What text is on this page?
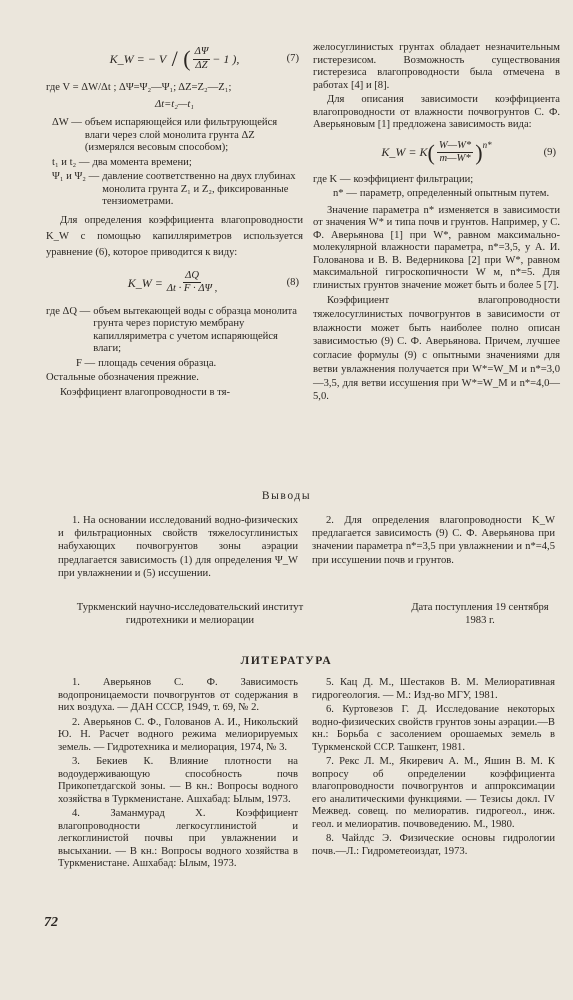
K_W = − V / ( $\frac{\Delta\Psi}{\Delta Z} - 1$ ),	(7)

где V = ΔW/Δt ; ΔΨ=Ψ₂—Ψ₁; ΔZ=Z₂—Z₁;

Δt=t₂—t₁

ΔW — объем испаряющейся или фильтрующейся влаги через слой монолита грунта ΔZ (измерялся весовым способом);
t₁ и t₂ — два момента времени;
Ψ₁ и Ψ₂ — давление соответственно на двух глубинах монолита грунта Z₁ и Z₂, фиксированные тензиометрами.

Для определения коэффициента влагопроводности K_W с помощью капилляриметров используется уравнение (6), которое приводится к виду:

K_W = $\frac{\Delta Q}{\Delta t \cdot F \cdot \Delta\Psi ,}$	(8)
где ΔQ — объем вытекающей воды с образца монолита грунта через пористую мембрану капилляриметра с учетом испаряющейся влаги;
F — площадь сечения образца.

Остальные обозначения прежние.

Коэффициент влагопроводности в тя-

желосуглинистых грунтах обладает незначительным гистерезисом. Возможность существования гистерезиса влагопроводности была отмечена в работах [4] и [8].

Для описания зависимости коэффициента влагопроводности от влажности почвогрунтов С. Ф. Аверьяновым [1] предложена зависимость вида:

K_W = K ( $\frac{W—W*}{m—W*} )^{n*}$
(9)
где K — коэффициент фильтрации;
n* — параметр, определенный опытным путем.

Значение параметра n* изменяется в зависимости от значения W* и типа почв и грунтов. Например, у С. Ф. Аверьянова [1] при W*, равном максимально-молекулярной влажности параметра, n*=3,5, у А. И. Голованова и В. В. Ведерникова [2] при W*, равном максимальной гигроскопичности W м, n*=5. Для глинистых грунтов значение может быть и более 5 [7].

Коэффициент влагопроводности тяжелосуглинистых почвогрунтов в зависимости от влажности может быть наиболее полно описан зависимостью (9) С. Ф. Аверьянова. Причем, лучшее согласие формулы (9) с опытными значениями для ветви увлажнения получается при W*=W_M и n*=3,0—3,5, для ветви иссушения при W*=W_M и n*=4,0—5,0.

Выводы

1. На основании исследований водно-физических и фильтрационных свойств тяжелосуглинистых набухающих почвогрунтов зоны аэрации предлагается зависимость (1) для определения Ψ_W при увлажнении и (5) иссушении.

2. Для определения влагопроводности K_W предлагается зависимость (9) С. Ф. Аверьянова при значении параметра n*=3,5 при увлажнении и n*=4,5 при иссушении почв и грунтов.

Туркменский научно-исследовательский институт гидротехники и мелиорации
Дата поступления 19 сентября 1983 г.
ЛИТЕРАТУРА

1. Аверьянов С. Ф. Зависимость водопроницаемости почвогрунтов от содержания в них воздуха. — ДАН СССР, 1949, т. 69, № 2.

2. Аверьянов С. Ф., Голованов А. И., Никольский Ю. Н. Расчет водного режима мелиорируемых земель. — Гидротехника и мелиорация, 1974, № 3.

3. Бекиев К. Влияние плотности на водоудерживающую способность почв Прикопетдагской зоны. — В кн.: Вопросы водного хозяйства в Туркменистане. Ашхабад: Ылым, 1973.

4. Заманмурад Х. Коэффициент влагопроводности легкосуглинистой и легкоглинистой почвы при увлажнении и высыхании. — В кн.: Вопросы водного хозяйства в Туркменистане. Ашхабад: Ылым, 1973.

5. Кац Д. М., Шестаков В. М. Мелиоративная гидрогеология. — М.: Изд-во МГУ, 1981.

6. Куртовезов Г. Д. Исследование некоторых водно-физических свойств грунтов зоны аэрации.—В кн.: Борьба с засолением орошаемых земель в Туркменской ССР. Ташкент, 1981.

7. Рекс Л. М., Якиревич А. М., Яшин В. М. К вопросу об определении коэффициента влагопроводности почвогрунтов и аппроксимации его аналитическими функциями. — Тезисы докл. IV Межвед. совещ. по мелиоратив. гидрогеол., инж. геол. и мелиоратив. почвоведению. М., 1980.

8. Чайлдс Э. Физические основы гидрологии почв.—Л.: Гидрометеоиздат, 1973.

72
